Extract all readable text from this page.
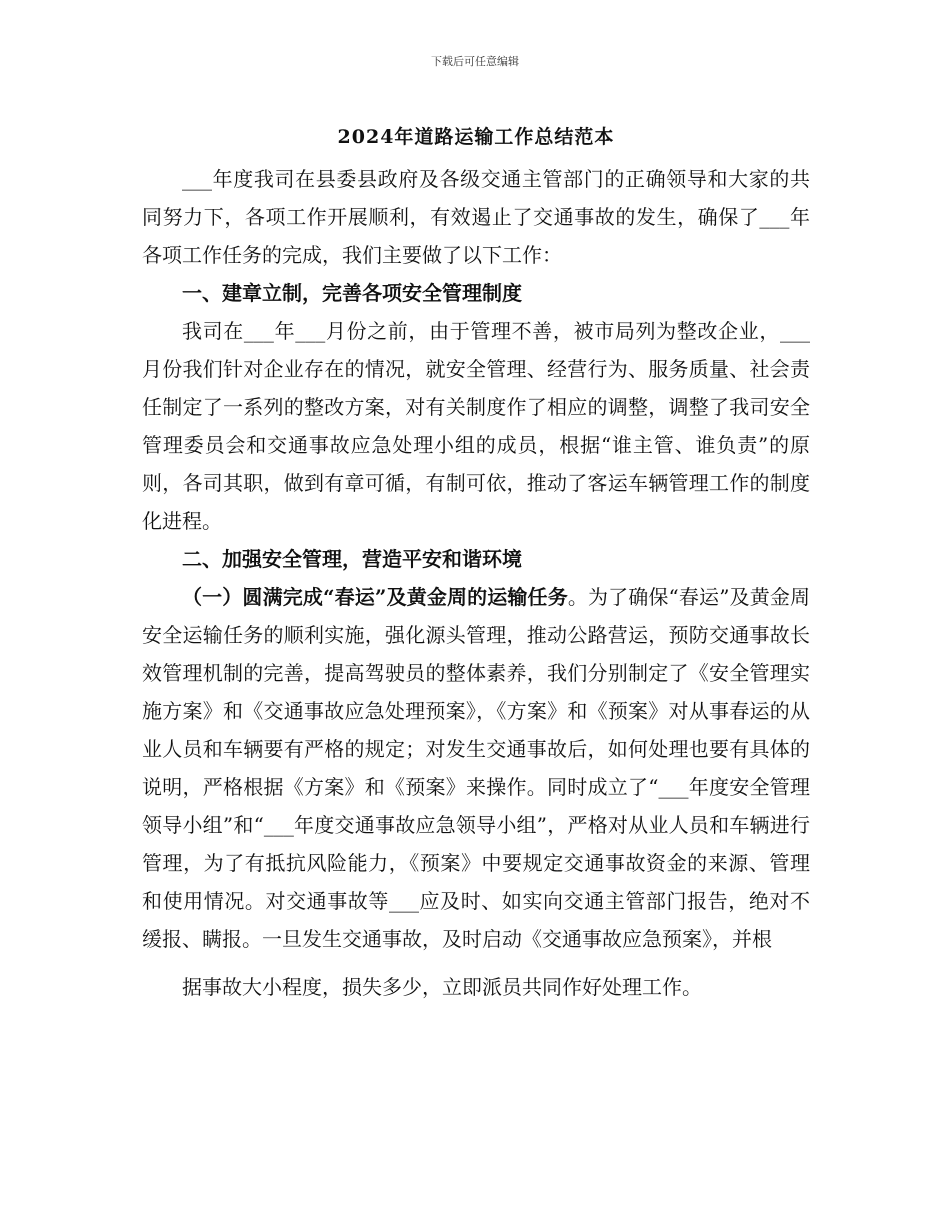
下载后可任意编辑
2024年道路运输工作总结范本

___年度我司在县委县政府及各级交通主管部门的正确领导和大家的共同努力下，各项工作开展顺利，有效遏止了交通事故的发生，确保了___年各项工作任务的完成，我们主要做了以下工作：

一、建章立制，完善各项安全管理制度

我司在___年___月份之前，由于管理不善，被市局列为整改企业，___月份我们针对企业存在的情况，就安全管理、经营行为、服务质量、社会责任制定了一系列的整改方案，对有关制度作了相应的调整，调整了我司安全管理委员会和交通事故应急处理小组的成员，根据“谁主管、谁负责”的原则，各司其职，做到有章可循，有制可依，推动了客运车辆管理工作的制度化进程。

二、加强安全管理，营造平安和谐环境

（一）圆满完成“春运”及黄金周的运输任务。为了确保“春运”及黄金周安全运输任务的顺利实施，强化源头管理，推动公路营运，预防交通事故长效管理机制的完善，提高驾驶员的整体素养，我们分别制定了《安全管理实施方案》和《交通事故应急处理预案》，《方案》和《预案》对从事春运的从业人员和车辆要有严格的规定；对发生交通事故后，如何处理也要有具体的说明，严格根据《方案》和《预案》来操作。同时成立了“___年度安全管理领导小组”和“___年度交通事故应急领导小组”，严格对从业人员和车辆进行管理，为了有抵抗风险能力，《预案》中要规定交通事故资金的来源、管理和使用情况。对交通事故等___应及时、如实向交通主管部门报告，绝对不缓报、瞒报。一旦发生交通事故，及时启动《交通事故应急预案》，并根

据事故大小程度，损失多少，立即派员共同作好处理工作。
